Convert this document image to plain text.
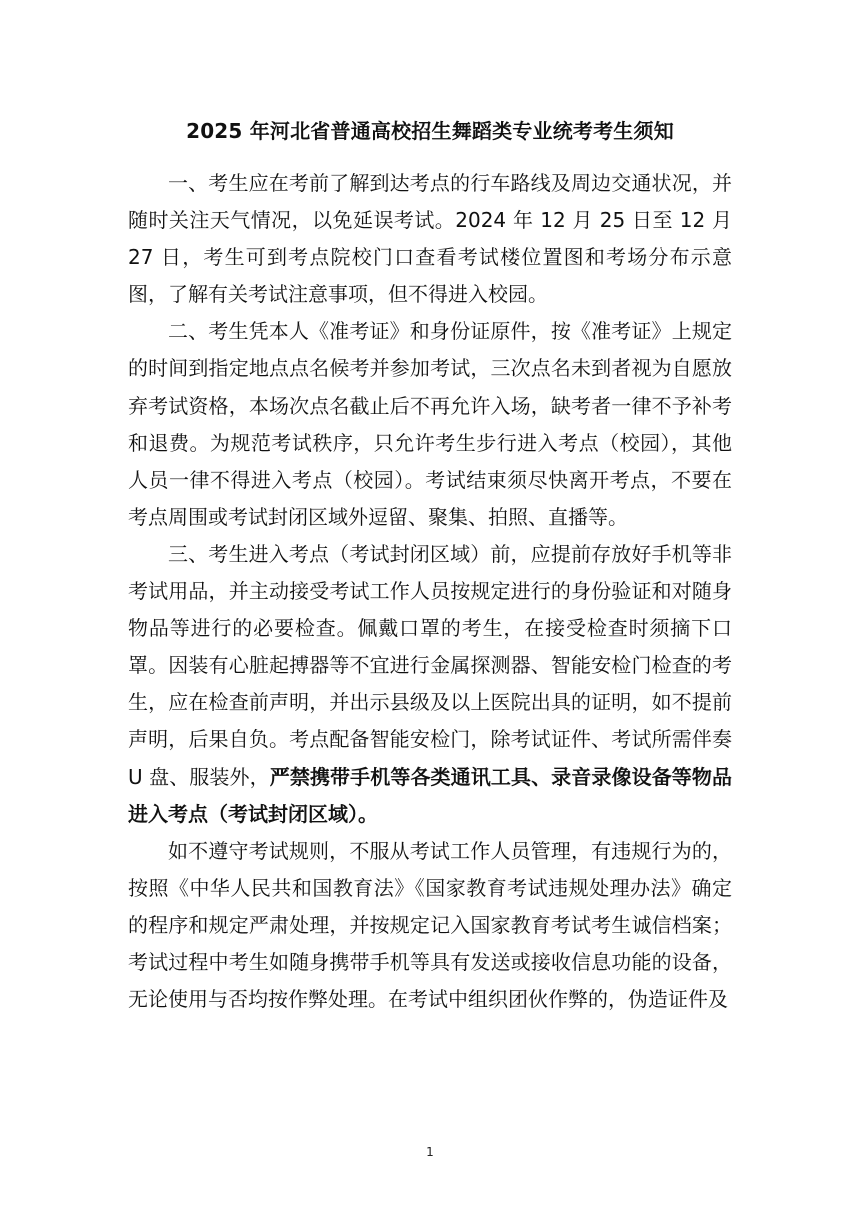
2025 年河北省普通高校招生舞蹈类专业统考考生须知

一、考生应在考前了解到达考点的行车路线及周边交通状况，并随时关注天气情况，以免延误考试。2024 年 12 月 25 日至 12 月 27 日，考生可到考点院校门口查看考试楼位置图和考场分布示意图，了解有关考试注意事项，但不得进入校园。

二、考生凭本人《准考证》和身份证原件，按《准考证》上规定的时间到指定地点点名候考并参加考试，三次点名未到者视为自愿放弃考试资格，本场次点名截止后不再允许入场，缺考者一律不予补考和退费。为规范考试秩序，只允许考生步行进入考点（校园），其他人员一律不得进入考点（校园）。考试结束须尽快离开考点，不要在考点周围或考试封闭区域外逗留、聚集、拍照、直播等。

三、考生进入考点（考试封闭区域）前，应提前存放好手机等非考试用品，并主动接受考试工作人员按规定进行的身份验证和对随身物品等进行的必要检查。佩戴口罩的考生，在接受检查时须摘下口罩。因装有心脏起搏器等不宜进行金属探测器、智能安检门检查的考生，应在检查前声明，并出示县级及以上医院出具的证明，如不提前声明，后果自负。考点配备智能安检门，除考试证件、考试所需伴奏 U 盘、服装外，严禁携带手机等各类通讯工具、录音录像设备等物品进入考点（考试封闭区域）。

如不遵守考试规则，不服从考试工作人员管理，有违规行为的，按照《中华人民共和国教育法》《国家教育考试违规处理办法》确定的程序和规定严肃处理，并按规定记入国家教育考试考生诚信档案；考试过程中考生如随身携带手机等具有发送或接收信息功能的设备，无论使用与否均按作弊处理。在考试中组织团伙作弊的，伪造证件及

1
